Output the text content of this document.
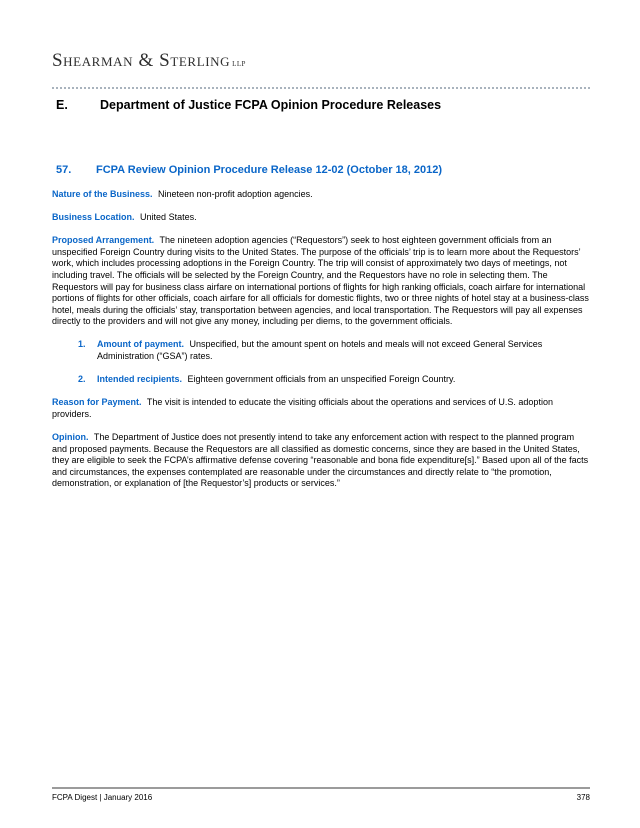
Shearman & Sterling LLP
E.	Department of Justice FCPA Opinion Procedure Releases
57.	FCPA Review Opinion Procedure Release 12-02 (October 18, 2012)
Nature of the Business. Nineteen non-profit adoption agencies.
Business Location. United States.
Proposed Arrangement. The nineteen adoption agencies (“Requestors”) seek to host eighteen government officials from an unspecified Foreign Country during visits to the United States. The purpose of the officials’ trip is to learn more about the Requestors’ work, which includes processing adoptions in the Foreign Country. The trip will consist of approximately two days of meetings, not including travel. The officials will be selected by the Foreign Country, and the Requestors have no role in selecting them. The Requestors will pay for business class airfare on international portions of flights for high ranking officials, coach airfare for international portions of flights for other officials, coach airfare for all officials for domestic flights, two or three nights of hotel stay at a business-class hotel, meals during the officials’ stay, transportation between agencies, and local transportation. The Requestors will pay all expenses directly to the providers and will not give any money, including per diems, to the government officials.
1.	Amount of payment. Unspecified, but the amount spent on hotels and meals will not exceed General Services Administration (“GSA”) rates.
2.	Intended recipients. Eighteen government officials from an unspecified Foreign Country.
Reason for Payment. The visit is intended to educate the visiting officials about the operations and services of U.S. adoption providers.
Opinion. The Department of Justice does not presently intend to take any enforcement action with respect to the planned program and proposed payments. Because the Requestors are all classified as domestic concerns, since they are based in the United States, they are eligible to seek the FCPA’s affirmative defense covering “reasonable and bona fide expenditure[s].” Based upon all of the facts and circumstances, the expenses contemplated are reasonable under the circumstances and directly relate to “the promotion, demonstration, or explanation of [the Requestor’s] products or services.”
FCPA Digest | January 2016	378
